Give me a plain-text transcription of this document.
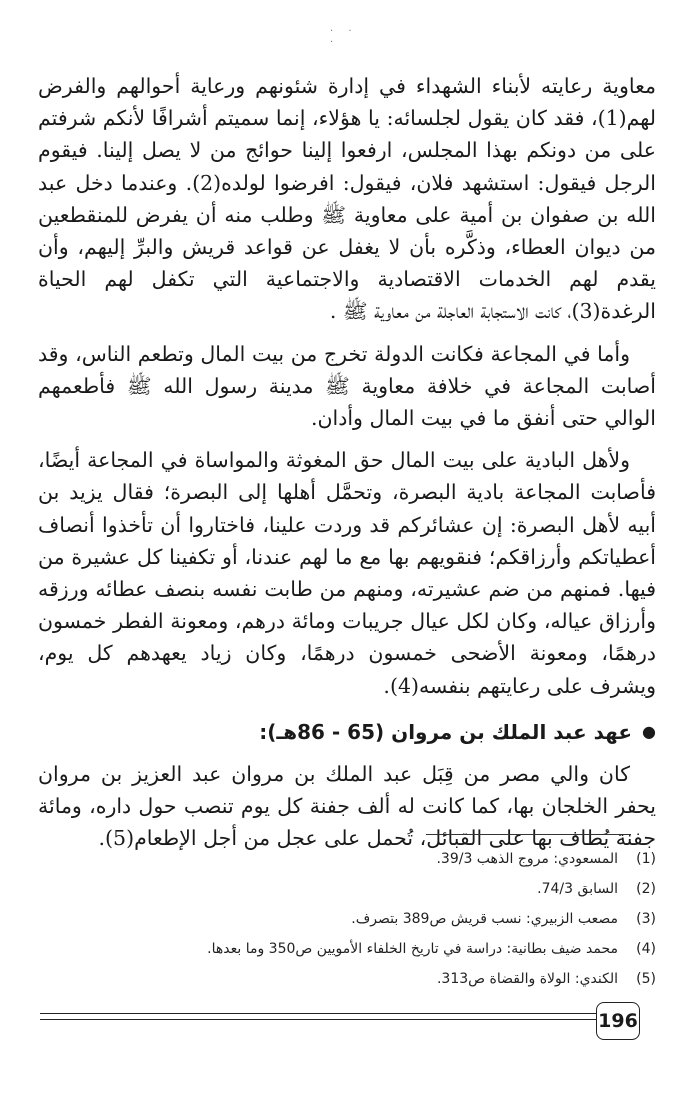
· · ·

معاوية رعايته لأبناء الشهداء في إدارة شئونهم ورعاية أحوالهم والفرض لهم(1)، فقد كان يقول لجلسائه: يا هؤلاء، إنما سميتم أشرافًا لأنكم شرفتم على من دونكم بهذا المجلس، ارفعوا إلينا حوائج من لا يصل إلينا. فيقوم الرجل فيقول: استشهد فلان، فيقول: افرضوا لولده(2). وعندما دخل عبد الله بن صفوان بن أمية على معاوية ﷺ وطلب منه أن يفرض للمنقطعين من ديوان العطاء، وذكَّره بأن لا يغفل عن قواعد قريش والبرِّ إليهم، وأن يقدم لهم الخدمات الاقتصادية والاجتماعية التي تكفل لهم الحياة الرغدة(3)، كانت الاستجابة العاجلة من معاوية ﷺ .

وأما في المجاعة فكانت الدولة تخرج من بيت المال وتطعم الناس، وقد أصابت المجاعة في خلافة معاوية ﷺ مدينة رسول الله ﷺ فأطعمهم الوالي حتى أنفق ما في بيت المال وأدان.

ولأهل البادية على بيت المال حق المغوثة والمواساة في المجاعة أيضًا، فأصابت المجاعة بادية البصرة، وتحمَّل أهلها إلى البصرة؛ فقال يزيد بن أبيه لأهل البصرة: إن عشائركم قد وردت علينا، فاختاروا أن تأخذوا أنصاف أعطياتكم وأرزاقكم؛ فنقويهم بها مع ما لهم عندنا، أو تكفينا كل عشيرة من فيها. فمنهم من ضم عشيرته، ومنهم من طابت نفسه بنصف عطائه ورزقه وأرزاق عياله، وكان لكل عيال جريبات ومائة درهم، ومعونة الفطر خمسون درهمًا، ومعونة الأضحى خمسون درهمًا، وكان زياد يعهدهم كل يوم، ويشرف على رعايتهم بنفسه(4).

●
عهد عبد الملك بن مروان (65 - 86هـ):

كان والي مصر من قِبَل عبد الملك بن مروان عبد العزيز بن مروان يحفر الخلجان بها، كما كانت له ألف جفنة كل يوم تنصب حول داره، ومائة جفنة يُطاف بها على القبائل، تُحمل على عجل من أجل الإطعام(5).

(1)
المسعودي: مروج الذهب 39/3.
(2)
السابق 74/3.
(3)
مصعب الزبيري: نسب قريش ص389 بتصرف.
(4)
محمد ضيف بطانية: دراسة في تاريخ الخلفاء الأمويين ص350 وما بعدها.
(5)
الكندي: الولاة والقضاة ص313.
196
